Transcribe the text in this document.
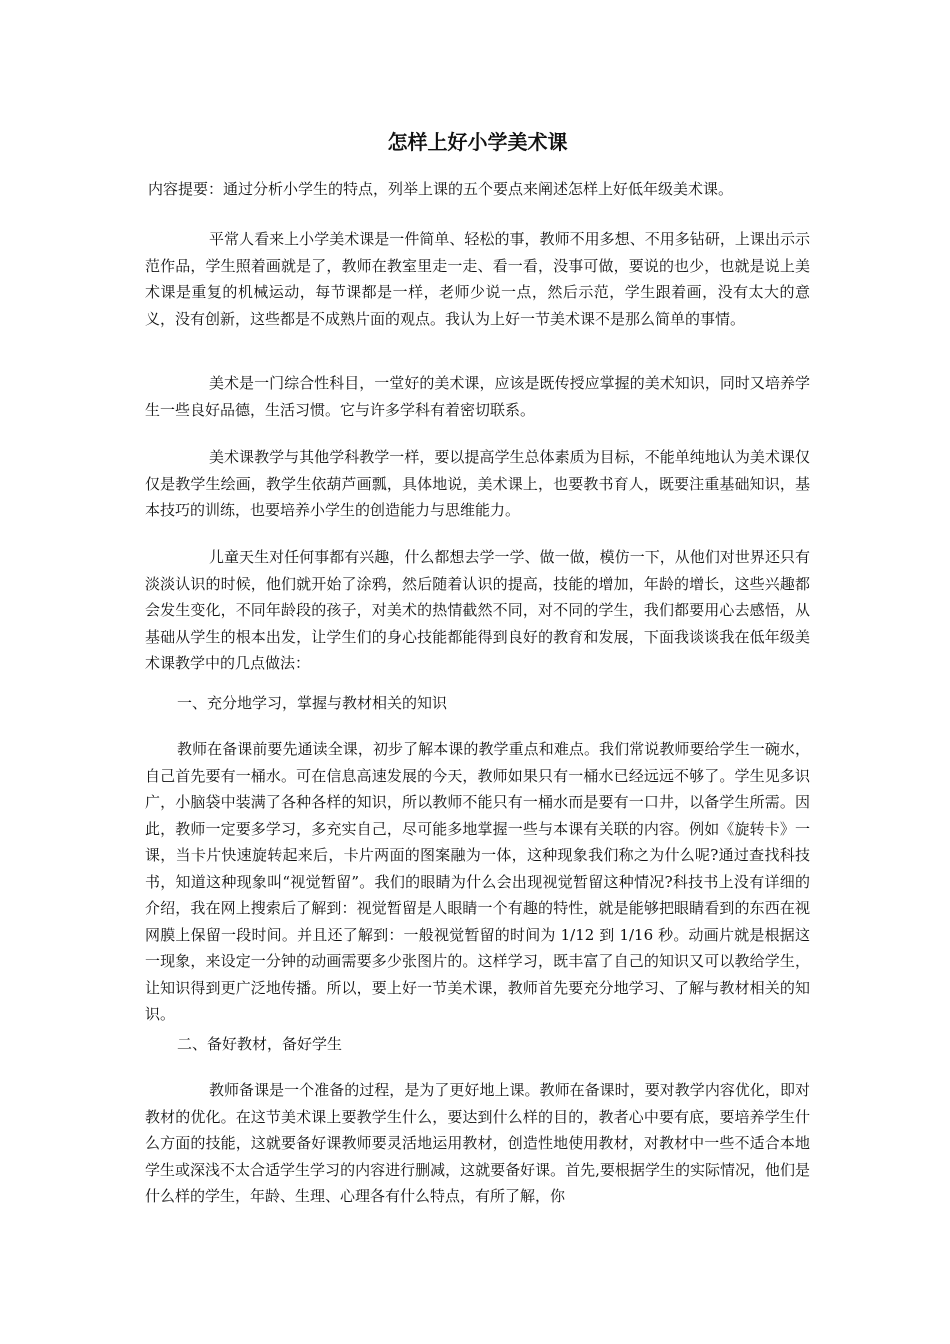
怎样上好小学美术课

内容提要：通过分析小学生的特点，列举上课的五个要点来阐述怎样上好低年级美术课。

平常人看来上小学美术课是一件简单、轻松的事，教师不用多想、不用多钻研，上课出示示范作品，学生照着画就是了，教师在教室里走一走、看一看，没事可做，要说的也少，也就是说上美术课是重复的机械运动，每节课都是一样，老师少说一点，然后示范，学生跟着画，没有太大的意义，没有创新，这些都是不成熟片面的观点。我认为上好一节美术课不是那么简单的事情。

美术是一门综合性科目，一堂好的美术课，应该是既传授应掌握的美术知识，同时又培养学生一些良好品德，生活习惯。它与许多学科有着密切联系。

美术课教学与其他学科教学一样，要以提高学生总体素质为目标，不能单纯地认为美术课仅仅是教学生绘画，教学生依葫芦画瓢，具体地说，美术课上，也要教书育人，既要注重基础知识，基本技巧的训练，也要培养小学生的创造能力与思维能力。

儿童天生对任何事都有兴趣，什么都想去学一学、做一做，模仿一下，从他们对世界还只有淡淡认识的时候，他们就开始了涂鸦，然后随着认识的提高，技能的增加，年龄的增长，这些兴趣都会发生变化，不同年龄段的孩子，对美术的热情截然不同，对不同的学生，我们都要用心去感悟，从基础从学生的根本出发，让学生们的身心技能都能得到良好的教育和发展，下面我谈谈我在低年级美术课教学中的几点做法：

一、充分地学习，掌握与教材相关的知识

教师在备课前要先通读全课，初步了解本课的教学重点和难点。我们常说教师要给学生一碗水，自己首先要有一桶水。可在信息高速发展的今天，教师如果只有一桶水已经远远不够了。学生见多识广，小脑袋中装满了各种各样的知识，所以教师不能只有一桶水而是要有一口井，以备学生所需。因此，教师一定要多学习，多充实自己，尽可能多地掌握一些与本课有关联的内容。例如《旋转卡》一课，当卡片快速旋转起来后，卡片两面的图案融为一体，这种现象我们称之为什么呢?通过查找科技书，知道这种现象叫“视觉暂留”。我们的眼睛为什么会出现视觉暂留这种情况?科技书上没有详细的介绍，我在网上搜索后了解到：视觉暂留是人眼睛一个有趣的特性，就是能够把眼睛看到的东西在视网膜上保留一段时间。并且还了解到：一般视觉暂留的时间为 1/12 到 1/16 秒。动画片就是根据这一现象，来设定一分钟的动画需要多少张图片的。这样学习，既丰富了自己的知识又可以教给学生，让知识得到更广泛地传播。所以，要上好一节美术课，教师首先要充分地学习、了解与教材相关的知识。

二、备好教材，备好学生

教师备课是一个准备的过程，是为了更好地上课。教师在备课时，要对教学内容优化，即对教材的优化。在这节美术课上要教学生什么，要达到什么样的目的，教者心中要有底，要培养学生什么方面的技能，这就要备好课教师要灵活地运用教材，创造性地使用教材，对教材中一些不适合本地学生或深浅不太合适学生学习的内容进行删减，这就要备好课。首先,要根据学生的实际情况，他们是什么样的学生，年龄、生理、心理各有什么特点，有所了解，你
